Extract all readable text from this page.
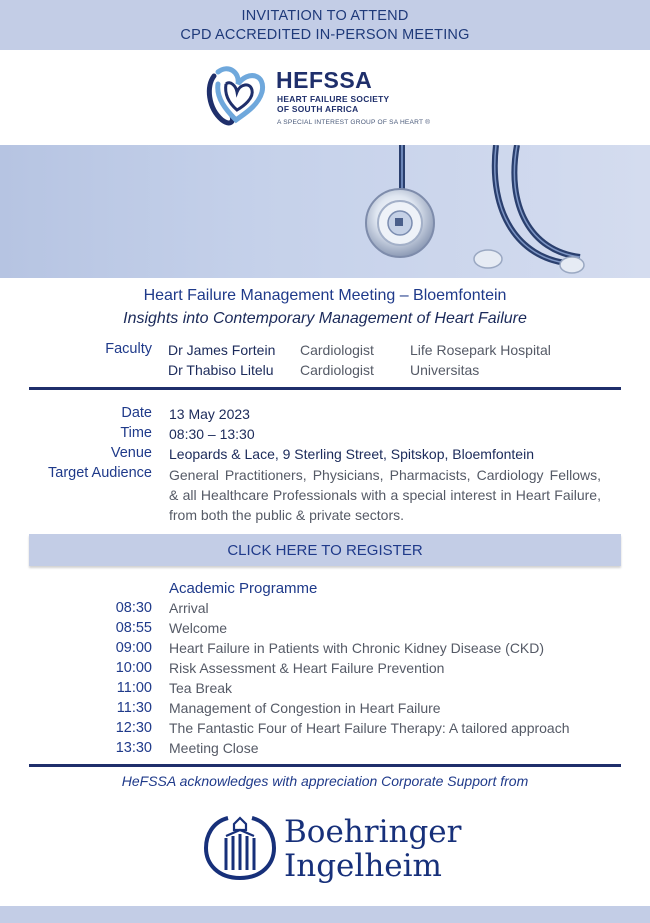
INVITATION TO ATTEND
CPD ACCREDITED IN-PERSON MEETING
HEFSSA
HEART FAILURE SOCIETY
OF SOUTH AFRICA
A SPECIAL INTEREST GROUP OF SA HEART ®
Heart Failure Management Meeting – Bloemfontein
Insights into Contemporary Management of Heart Failure
Faculty Dr James Fortein Cardiologist	Life Rosepark Hospital
Dr Thabiso Litelu Cardiologist	Universitas
Date 13 May 2023
Time 08:30 – 13:30
Venue Leopards & Lace, 9 Sterling Street, Spitskop, Bloemfontein
Target Audience General Practitioners, Physicians, Pharmacists, Cardiology Fellows, & all Healthcare Professionals with a special interest in Heart Failure, from both the public & private sectors.
CLICK HERE TO REGISTER
Academic Programme
08:30 Arrival
08:55 Welcome
09:00 Heart Failure in Patients with Chronic Kidney Disease (CKD)
10:00 Risk Assessment & Heart Failure Prevention
11:00 Tea Break
11:30 Management of Congestion in Heart Failure
12:30 The Fantastic Four of Heart Failure Therapy: A tailored approach
13:30 Meeting Close
HeFSSA acknowledges with appreciation Corporate Support from
Boehringer
Ingelheim
